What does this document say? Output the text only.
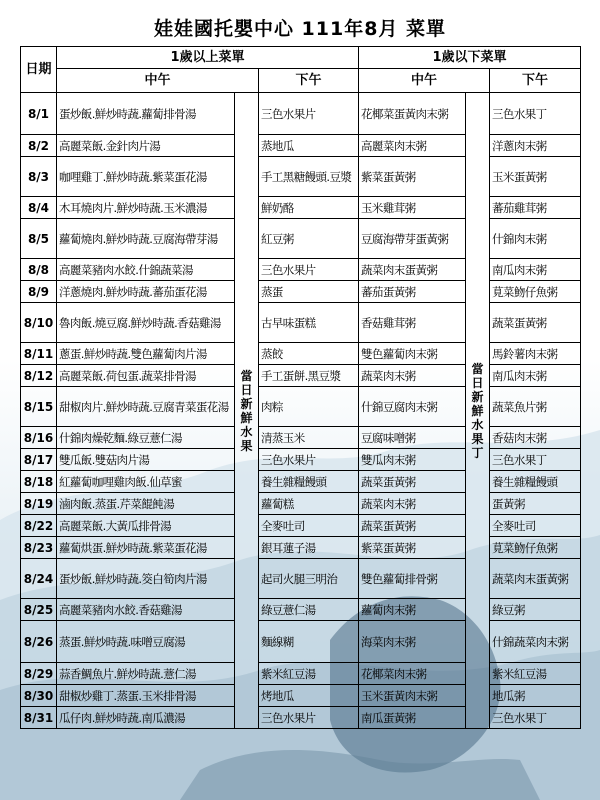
娃娃國托嬰中心 111年8月 菜單
日期	1歲以上菜單			1歲以下菜單		
	中午		下午	中午		下午
8/1	蛋炒飯.鮮炒時蔬.蘿蔔排骨湯	當日新鮮水果	三色水果片	花椰菜蛋黃肉末粥	當日新鮮水果丁	三色水果丁
8/2	高麗菜飯.金針肉片湯		蒸地瓜	高麗菜肉末粥		洋蔥肉末粥
8/3	咖哩雞丁.鮮炒時蔬.紫菜蛋花湯		手工黑糖饅頭.豆漿	紫菜蛋黃粥		玉米蛋黃粥
8/4	木耳燒肉片.鮮炒時蔬.玉米濃湯		鮮奶酪	玉米雞茸粥		蕃茄雞茸粥
8/5	蘿蔔燒肉.鮮炒時蔬.豆腐海帶芽湯		紅豆粥	豆腐海帶芽蛋黃粥		什錦肉末粥
8/8	高麗菜豬肉水餃.什錦蔬菜湯		三色水果片	蔬菜肉末蛋黃粥		南瓜肉末粥
8/9	洋蔥燒肉.鮮炒時蔬.蕃茄蛋花湯		蒸蛋	蕃茄蛋黃粥		莧菜魩仔魚粥
8/10	魯肉飯.燒豆腐.鮮炒時蔬.香菇雞湯		古早味蛋糕	香菇雞茸粥		蔬菜蛋黃粥
8/11	蔥蛋.鮮炒時蔬.雙色蘿蔔肉片湯		蒸餃	雙色蘿蔔肉末粥		馬鈴薯肉末粥
8/12	高麗菜飯.荷包蛋.蔬菜排骨湯		手工蛋餅.黑豆漿	蔬菜肉末粥		南瓜肉末粥
8/15	甜椒肉片.鮮炒時蔬.豆腐青菜蛋花湯		肉粽	什錦豆腐肉末粥		蔬菜魚片粥
8/16	什錦肉燥乾麵.綠豆薏仁湯		清蒸玉米	豆腐味噌粥		香菇肉末粥
8/17	雙瓜飯.雙菇肉片湯		三色水果片	雙瓜肉末粥		三色水果丁
8/18	紅蘿蔔咖哩雞肉飯.仙草蜜		養生雜糧饅頭	蔬菜蛋黃粥		養生雜糧饅頭
8/19	滷肉飯.蒸蛋.芹菜餛飩湯		蘿蔔糕	蔬菜肉末粥		蛋黃粥
8/22	高麗菜飯.大黃瓜排骨湯		全麥吐司	蔬菜蛋黃粥		全麥吐司
8/23	蘿蔔烘蛋.鮮炒時蔬.紫菜蛋花湯		銀耳蓮子湯	紫菜蛋黃粥		莧菜魩仔魚粥
8/24	蛋炒飯.鮮炒時蔬.筊白筍肉片湯		起司火腿三明治	雙色蘿蔔排骨粥		蔬菜肉末蛋黃粥
8/25	高麗菜豬肉水餃.香菇雞湯		綠豆薏仁湯	蘿蔔肉末粥		綠豆粥
8/26	蒸蛋.鮮炒時蔬.味噌豆腐湯		麵線糊	海菜肉末粥		什錦蔬菜肉末粥
8/29	蒜香鯛魚片.鮮炒時蔬.薏仁湯		紫米紅豆湯	花椰菜肉末粥		紫米紅豆湯
8/30	甜椒炒雞丁.蒸蛋.玉米排骨湯		烤地瓜	玉米蛋黃肉末粥		地瓜粥
8/31	瓜仔肉.鮮炒時蔬.南瓜濃湯		三色水果片	南瓜蛋黃粥		三色水果丁
